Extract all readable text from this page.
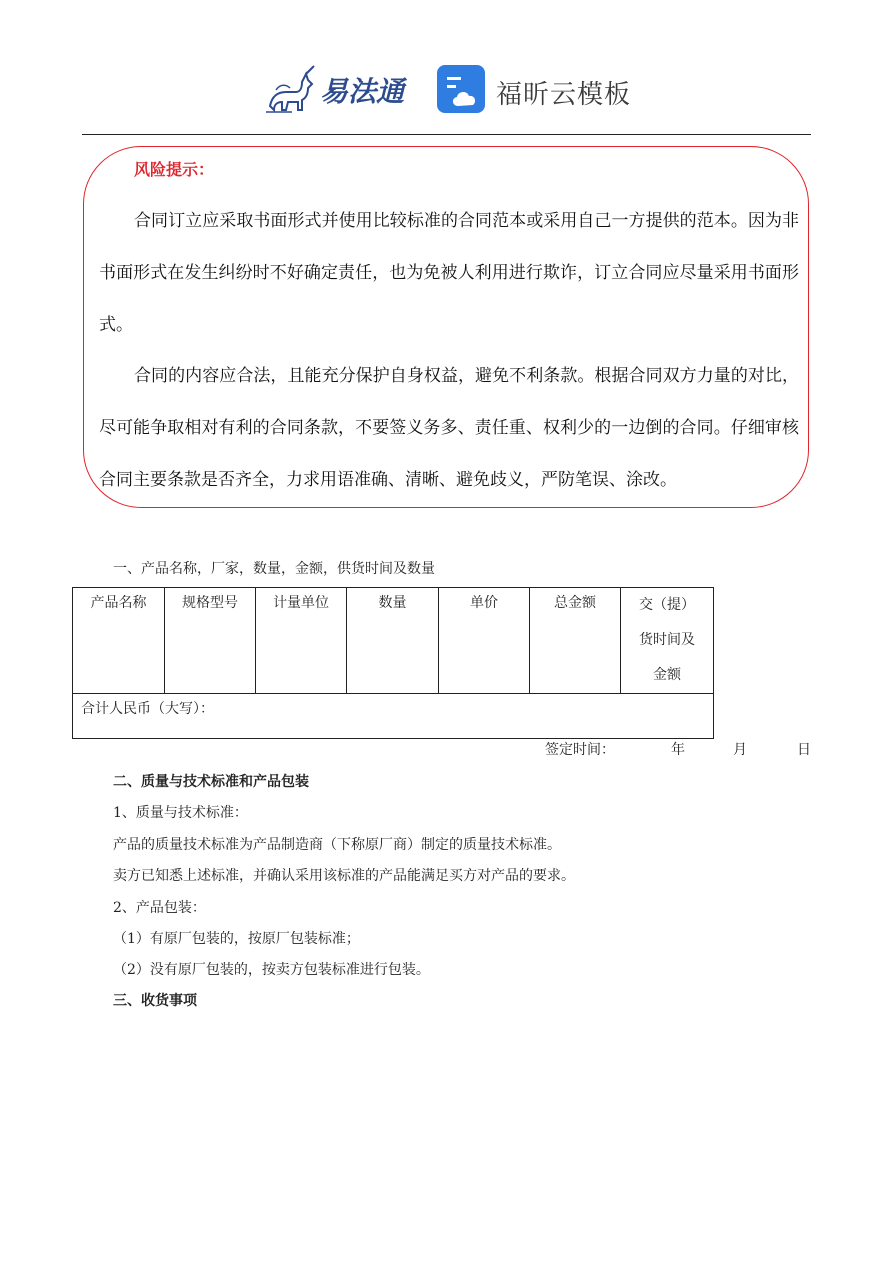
易法通	福昕云模板
风险提示：

合同订立应采取书面形式并使用比较标准的合同范本或采用自己一方提供的范本。因为非书面形式在发生纠纷时不好确定责任，也为免被人利用进行欺诈，订立合同应尽量采用书面形式。

合同的内容应合法，且能充分保护自身权益，避免不利条款。根据合同双方力量的对比，尽可能争取相对有利的合同条款，不要签义务多、责任重、权利少的一边倒的合同。仔细审核合同主要条款是否齐全，力求用语准确、清晰、避免歧义，严防笔误、涂改。

一、产品名称，厂家，数量，金额，供货时间及数量
产品名称	规格型号	计量单位	数量	单价	总金额	交（提）
货时间及
金额

合计人民币（大写）：
签定时间：	年	月	日
二、质量与技术标准和产品包装
1、质量与技术标准：
产品的质量技术标准为产品制造商（下称原厂商）制定的质量技术标准。
卖方已知悉上述标准，并确认采用该标准的产品能满足买方对产品的要求。
2、产品包装：
（1）有原厂包装的，按原厂包装标准；
（2）没有原厂包装的，按卖方包装标准进行包装。
三、收货事项
